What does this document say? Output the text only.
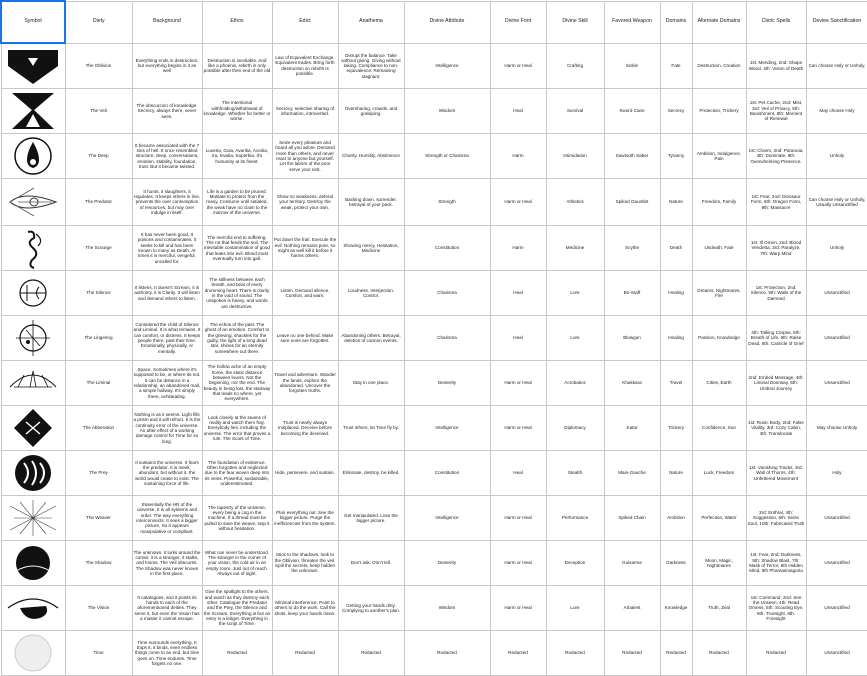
Symbol	Diety	Background	Ethos	Edict	Anathema	Divine Attribute	Divine Font	Divine Skill	Favored Weapon	Domains	Alternate Domains	Cleric Spells	Deviee Sanctification

	The Oblivion	Everything ends in destruction, but everything begins in it as well	Destruction is inevitable. And like a phoenix, rebirth is only possible after then end of the old	Law of Equivalent Exchange. Equivalent trades. Bring forth destruction so rebirth is possible.	Disrupt the balance. Take without giving. Giving without taking. Compliance to non-equivalence. Remaining stagnant.	Intelligence	Harm or Heal	Crafting	Sickle	Fate	Destruction, Creation	1st: Mending, 2nd: Shape Wood, 4th: Vision of Death	Can choose Holy or Unholy.

	The Veil	The obscurcion of knowledge. Secrecy, always there, never seen.	The intentional withholding/withdrawal of knowledge. Whether for better or worse.	Secrecy, selective sharing of information, introverted.	Oversharing, crowds, and gossiping.	Wisdom	Heal	Survival	Sword Cane	Secrecy	Protection, Trickery	1st: Pet Cache, 2nd: Mist, 3rd: Veil of Privacy, 5th: Banishment, 8th: Moment of Renewal	May choose Holy

	The Deep	It became associated with the 7 sins of hell. It once resembled structure, deep, conversations, emotion, stability, foundation, trust. But it became twisted.	Luxeria, Gula, Avaritia, Acedia, Ira, Invidia, Superbia. It's humanity at its finest.	Seize every pleasure and hoard all you adore. Demand more than others, and never react to anyone but yourself. Let the labors of the poor serve your rest.	Charity, Humility, Abstinence	Strength or Charisma	Harm	Intimidation	Sawtooth Saber	Tyranny	Ambition, Indulgence, Pain	1st: Charm, 2nd: Paranoia, 4th: Dominate, 9th: Overwhelming Presence.	Unholy

	The Predator	It hunts, it slaughters, it regulates. It keeps others in line, prevents the over consumption of resources, but may over indulge in itself.	Life is a garden to be pruned. Mutilate to protect from the many. Consume until satiated, the weak have no claim to the marrow of the universe.	Show no weakness, defend your territory. Destroy the weak, protect your own.	Backing down, surrender, betrayal of your pack.	Strength	Harm or Heal	Athletics	Spiked Gauntlet	Nature	Freedom, Family	1st: Fear, 2nd: Dinosaur Form, 6th: Dragon Form, 9th: Massacre	Can choose Holy or Unholy, Usually Unsanctified

	The Scourge	It has never been good. It poisons and contaminates, it seeks to kill and has been known to many as Death. At times it is merciful, vengeful, uncalled for.	The merciful end to suffering. The rot that feeds the soil. The inevitable contamination of good that leaks into evil. Blood must eventually turn into gall.	Put down the frail. Execute the evil. Nothing remains pure, so might as well kill it before it harms others.	Showing mercy, Hesitation, Medicine	Constitution	Harm	Medicine	Scythe	Death	Undeath, Fate	1st: Ill Omen, 2nd: Blood Vendetta, 3rd: Paralyze, 7th: Warp Mind	Unholy

	The Silence	It listens. It doesn't Scream, it is authority, it is Clarity. It will listen and demand others to listen.	The stillness between each breath, and beat of every drumming heart. There is clarity in the void of sound. The unspoken is heavy, and words are destructive.	Listen. Demand silence. Comfort, and warn.	Loudness. Interjection. Control.	Charisma	Heal	Lore	Bo-Staff	Healing	Dreams, Nightmares, Fire	1st: Protection, 2nd: Silence, 9th: Wails of the Damned	Unsanctified

	The Lingering	Considered the child of Silence and Liminal. It is what remains. It can comfort, or distress. It keeps people there, past their time. Emotionally, physically, or mentally.	The echos of the past. The ghost of an emotion. Comfort to the grieving, shackles for the guilty, the light of a long dead star, shines for an eternity somewhere out there.	Leave no one behind. Make sure none are forgotten.	Abandoning others. Betrayal, deletion of cannon events.	Charisma	Heal	Lore	Blowgun	Healing	Passion, Knowledge	4th: Talking Corpse, 5th: Breath of Life, 6th: Raise Dead, 8th: Canticle of Grief	Unsanctified

	The Liminal	Space. Sometimes where it's supposed to be, or where its not. It can be distance in a relationship, an abandoned mall, a simple hallway. It's simply there, exhilarating.	The hollow ache of an empty home, the static distance between lovers. Not the beginning, nor the end. The beauty in being lost, the stairway that leads no where, yet everywhere.	Travel and adventure. Wander the lands, explore the abandoned. Uncover the forgotten truths.	Stay in one place.	Dexterity	Harm or Heal	Acrobatics	Khakkara	Travel	Cities, Earth	2nd: Embed Message, 4th: Liminal Doorway, 5th: Umbral Journey	Unsanctified

	The Abberation	Nothing is as it seems. Light fills a prism and it will refract. It is the continuity error of the universe. An after effect of a working damage control for Time for so long.	Look closely at the seams of reality and watch them fray. Everybody lies, including the universe. The error that proves a rule. The Scars of Time.	Trust is nearly always misplaced. Deceive before becoming the deceived.	Trust others, let Time fly by.	Intelligence	Harm or Heal	Diplomacy	Katar	Trickery	Confidence, Sun	1st: Runic Body, 2nd: False Vitality, 3rd: Cozy Cabin, 4th: Translocate	May choose Unholy

	The Prey	It sustains the universe. It fears the predator. It is meek, abundant, but without it, the world would cease to exist. The sustaining force of life.	The foundation of existence. Often forgotten and neglected due to the fear woven deep into its veins. Powerful, sustainable, underestimated.	Hide, persevere, and sustain.	Eliminate, destroy, be killed.	Constitution	Heal	Stealth	Main-Gauche	Nature	Luck, Freedom	1st: Vanishing Tracks, 3rd: Wall of Thorns, 4th: Unfettered Movement	Holy

	The Weaver	Essentially the HR of the universe. It is all systems and order. The way everything interconnects. It sees a bigger picture, So it appears manipulative or compliant.	The tapestry of the universe, every being a cog in the machine. If a thread must be pulled to save the weave, snip it without hesitation.	Plan everything out. See the bigger picture. Purge the inefficiencies from the system.	Get manipulated. Lose the bigger picture.	Intelligence	Harm or Heal	Performance	Spiked Chain	Ambition	Perfection, Water	3rd: Enthral, 4th: Suggestion, 6th: Seize Soul, 10th: Fabricated Truth	Unsanctified

	The Shadow	The unknown. It lurks around the corner, it is a stranger, it stalks, and looms. The Veil obscures. The Shadow was never known in the first place.	What can never be understood. The stranger in the corner of your vision, the cold air in an empty room. Just out of reach. Always out of sight.	Stick to the shadows, look to the Oblivion, threaten the veil. Spill the secrets, keep hidden the unknown.	Don't ask. Don't tell.	Dexterity	Harm or Heal	Deception	Guisarme	Darkness	Moon, Magic, Nightmares	1st: Fear, 2nd: Darkness, 5th: Shadow Blast, 7th: Mask of Terror, 8th Hidden Mind, 9th Phantasmagoria	Unsanctified

	The Vision	It catalogues, and it points its hands to each of the aforementioned deities. They serve it, but even the Vision has a master it cannot escape.	Give the spotlight to the others, and watch as they destroy each other. Catalogue the Predator and the Prey, the Silence and the Scream. Everything is but an entry in a ledger. Everything in the script of Time.	Minimal interference. Point to others to do the work. Call the shots, keep your hands clean.	Getting your hands dirty. Complying to another's plan.	Wisdom	Harm or Heal	Lore	Arbalest	Knowledge	Truth, Zeal	1st: Command, 2nd: See the Unseen, 4th: Read Omens, 5th: Scouting Eye, 6th: Truesight, 8th: Foresight	Unsanctified

	Time	Time surrounds everything. It traps it, it binds, even endless things come to an end, but time goes on. Time endures. Time forgets no one.	Redacted	Redacted	Redacted	Redacted	Redacted	Redacted	Redacted	Redacted	Redacted	Redacted	Unsanctified
